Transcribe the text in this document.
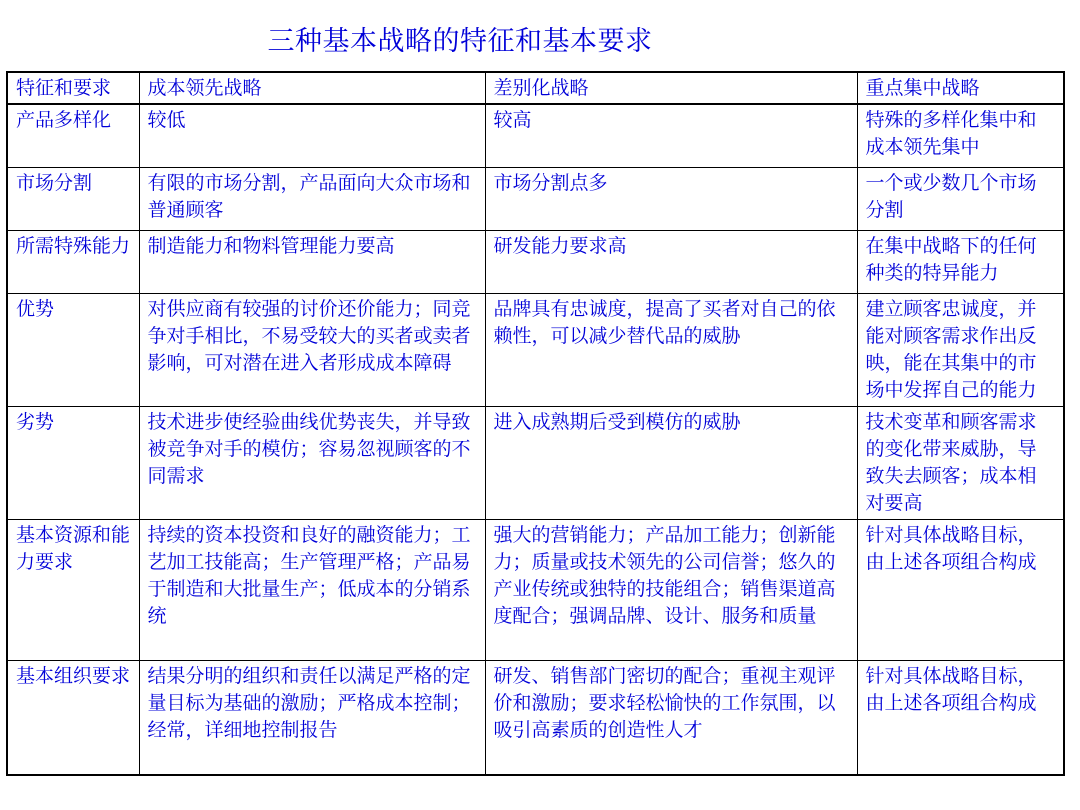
三种基本战略的特征和基本要求
特征和要求	成本领先战略	差别化战略	重点集中战略
产品多样化	较低	较高	特殊的多样化集中和成本领先集中
市场分割	有限的市场分割，产品面向大众市场和普通顾客	市场分割点多	一个或少数几个市场分割
所需特殊能力	制造能力和物料管理能力要高	研发能力要求高	在集中战略下的任何种类的特异能力
优势	对供应商有较强的讨价还价能力；同竞争对手相比，不易受较大的买者或卖者影响，可对潜在进入者形成成本障碍	品牌具有忠诚度，提高了买者对自己的依赖性，可以减少替代品的威胁	建立顾客忠诚度，并能对顾客需求作出反映，能在其集中的市场中发挥自己的能力
劣势	技术进步使经验曲线优势丧失，并导致被竞争对手的模仿；容易忽视顾客的不同需求	进入成熟期后受到模仿的威胁	技术变革和顾客需求的变化带来威胁，导致失去顾客；成本相对要高
基本资源和能力要求	持续的资本投资和良好的融资能力；工艺加工技能高；生产管理严格；产品易于制造和大批量生产；低成本的分销系统	强大的营销能力；产品加工能力；创新能力；质量或技术领先的公司信誉；悠久的产业传统或独特的技能组合；销售渠道高度配合；强调品牌、设计、服务和质量	针对具体战略目标，由上述各项组合构成
基本组织要求	结果分明的组织和责任以满足严格的定量目标为基础的激励；严格成本控制；经常，详细地控制报告	研发、销售部门密切的配合；重视主观评价和激励；要求轻松愉快的工作氛围，以吸引高素质的创造性人才	针对具体战略目标，由上述各项组合构成
